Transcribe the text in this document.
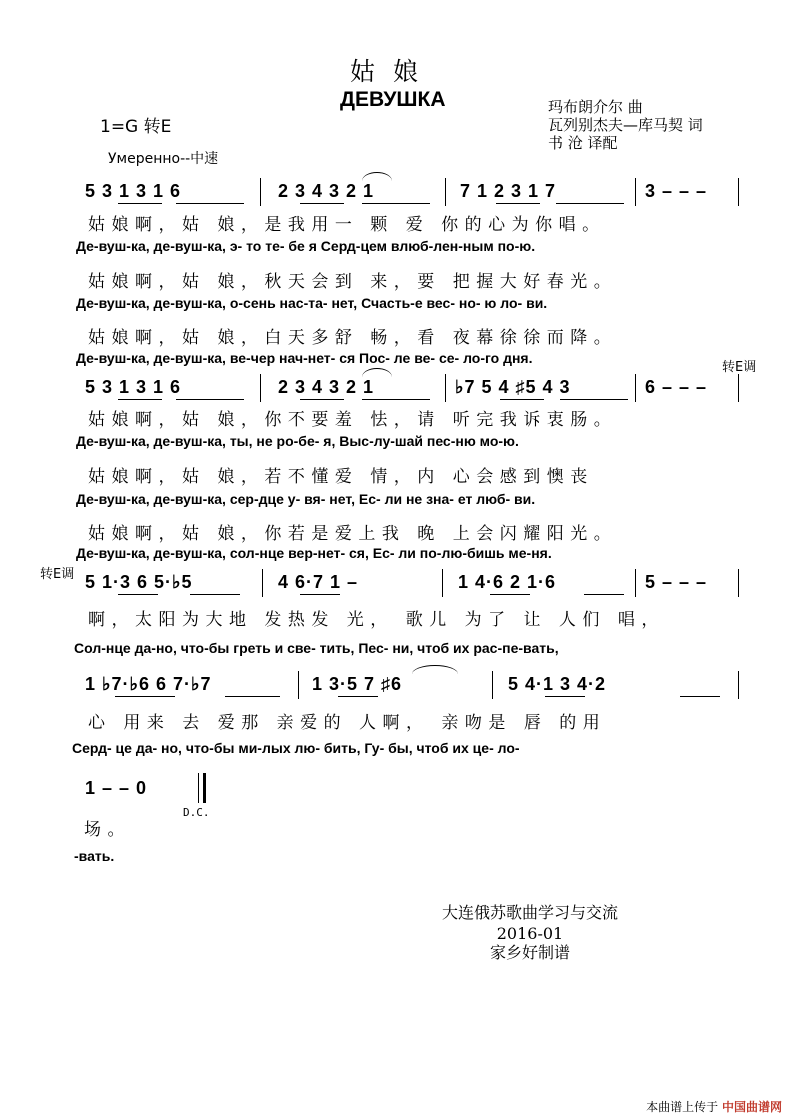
姑娘
ДЕВУШКА
1=G 转E
玛布朗介尔 曲
瓦列别杰夫—库马契 词
书 沧 译配
Умеренно--中速
5 3 1 3 1 6	2 3 4 3 2 1	7 1 2 3 1 7	3 – – –
姑娘啊，姑 娘，是我用一 颗 爱 你的心为你唱。
Де-вуш-ка, де-вуш-ка, э- то те- бе я Серд-цем влюб-лен-ным по-ю.
姑娘啊，姑 娘，秋天会到 来，要 把握大好春光。
Де-вуш-ка, де-вуш-ка, о-сень нас-та- нет, Счасть-е вес- но- ю ло- ви.
姑娘啊，姑 娘，白天多舒 畅，看 夜幕徐徐而降。
Де-вуш-ка, де-вуш-ка, ве-чер нач-нет- ся Пос- ле ве- се- ло-го дня.
转E调
5 3 1 3 1 6	2 3 4 3 2 1	♭7 5 4 ♯5 4 3	6 – – –
姑娘啊，姑 娘，你不要羞 怯，请 听完我诉衷肠。
Де-вуш-ка, де-вуш-ка, ты, не ро-бе- я, Выс-лу-шай пес-ню мо-ю.
姑娘啊，姑 娘，若不懂爱 情，内 心会感到懊丧
Де-вуш-ка, де-вуш-ка, сер-дце у- вя- нет, Ес- ли не зна- ет люб- ви.
姑娘啊，姑 娘，你若是爱上我 晚 上会闪耀阳光。
Де-вуш-ка, де-вуш-ка, сол-нце вер-нет- ся, Ес- ли по-лю-бишь ме-ня.
转E调 5 1·3 6 5·♭5	4 6·7 1 –	1 4·6 2 1·6	5 – – –
啊，太阳为大地 发热发 光， 歌儿 为了 让 人们 唱，
Сол-нце да-но, что-бы греть и све- тить, Пес- ни, чтоб их рас-пе-вать,
1 ♭7·♭6 6 7·♭7	1 3·5 7 ♯6	5 4·1 3 4·2
心 用来 去 爱那 亲爱的 人啊， 亲吻是 唇 的用
Серд- це да- но, что-бы ми-лых лю- бить, Гу- бы, чтоб их це- ло-
1 – – 0
D.C.
场。
-вать.
大连俄苏歌曲学习与交流
2016-01
家乡好制谱
本曲谱上传于 中国曲谱网
